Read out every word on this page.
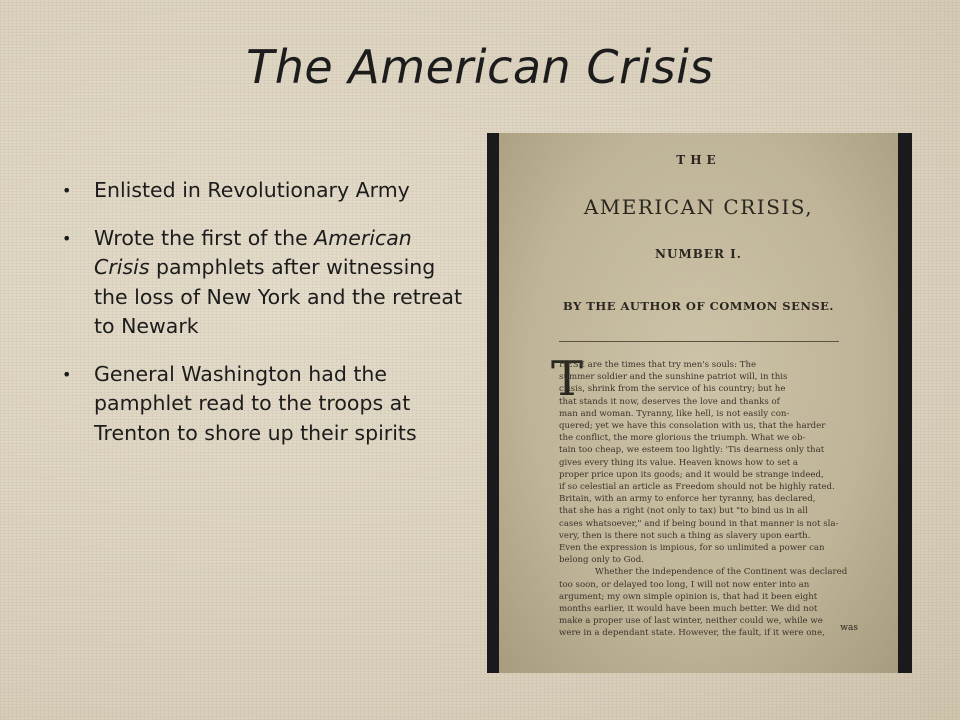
The American Crisis
• Enlisted in Revolutionary Army
• Wrote the first of the American Crisis pamphlets after witnessing the loss of New York and the retreat to Newark
• General Washington had the pamphlet read to the troops at Trenton to shore up their spirits
THE
AMERICAN CRISIS,
NUMBER I.
BY THE AUTHOR OF COMMON SENSE.
T
HESE are the times that try men's souls: The
summer soldier and the sunshine patriot will, in this
crisis, shrink from the service of his country; but he
that stands it now, deserves the love and thanks of
man and woman. Tyranny, like hell, is not easily con-
quered; yet we have this consolation with us, that the harder
the conflict, the more glorious the triumph. What we ob-
tain too cheap, we esteem too lightly: 'Tis dearness only that
gives every thing its value. Heaven knows how to set a
proper price upon its goods; and it would be strange indeed,
if so celestial an article as Freedom should not be highly rated.
Britain, with an army to enforce her tyranny, has declared,
that she has a right (not only to tax) but "to bind us in all
cases whatsoever," and if being bound in that manner is not sla-
very, then is there not such a thing as slavery upon earth.
Even the expression is impious, for so unlimited a power can
belong only to God.
Whether the independence of the Continent was declared
too soon, or delayed too long, I will not now enter into an
argument; my own simple opinion is, that had it been eight
months earlier, it would have been much better. We did not
make a proper use of last winter, neither could we, while we
were in a dependant state. However, the fault, if it were one,
was
